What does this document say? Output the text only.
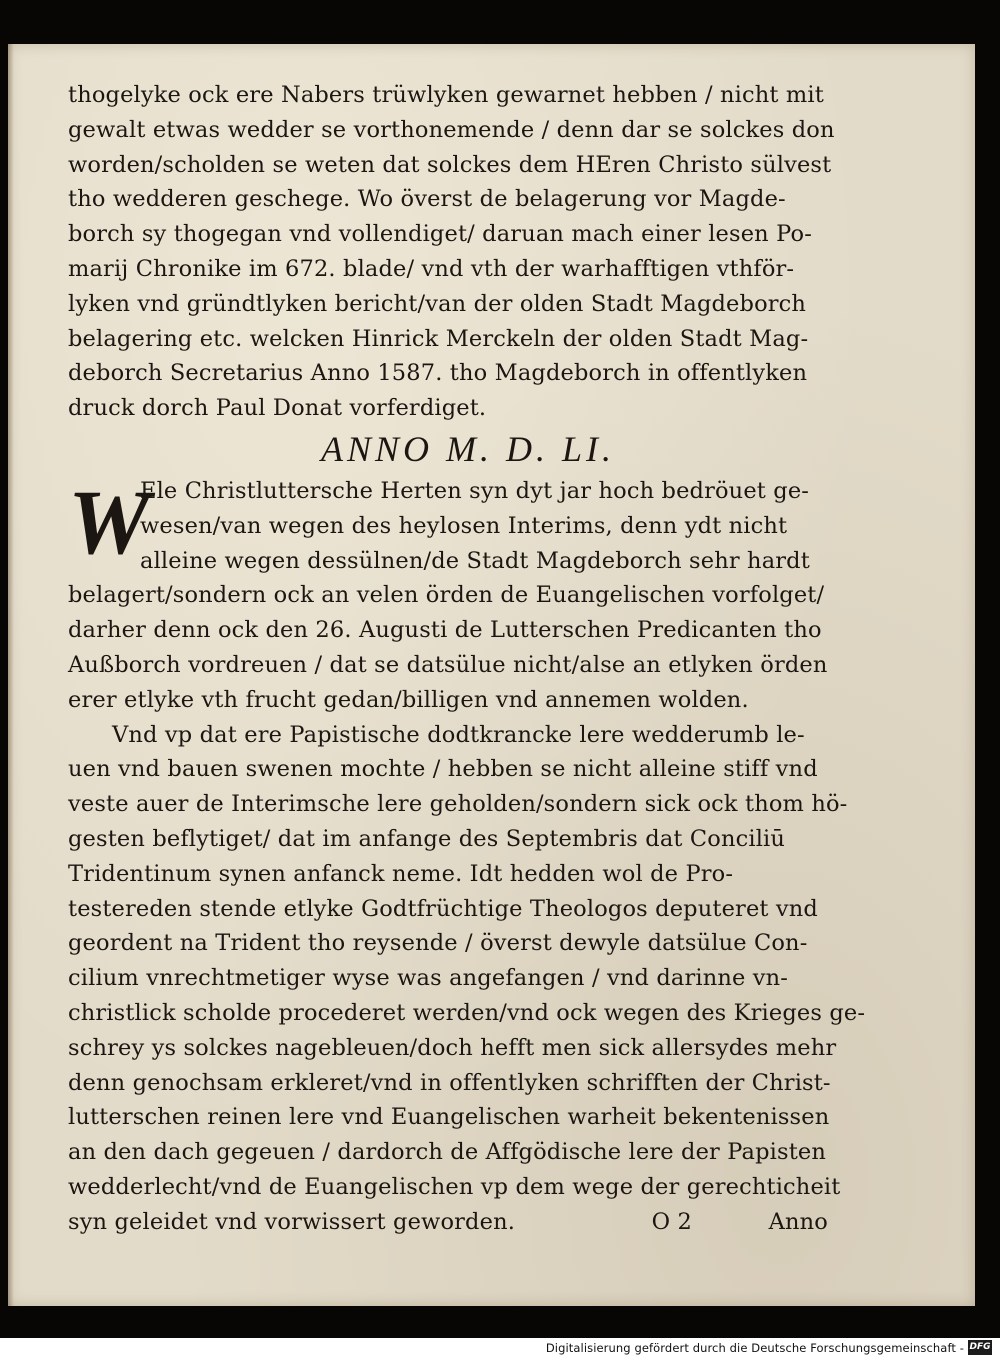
thogelyke ock ere Nabers trüwlyken gewarnet hebben / nicht mit
gewalt etwas wedder se vorthonemende / denn dar se solckes don
worden/scholden se weten dat solckes dem HEren Christo sülvest
tho wedderen geschege. Wo överst de belagerung vor Magde-
borch sy thogegan vnd vollendiget/ daruan mach einer lesen Po-
marij Chronike im 672. blade/ vnd vth der warhafftigen vthför-
lyken vnd gründtlyken bericht/van der olden Stadt Magdeborch
belagering etc. welcken Hinrick Merckeln der olden Stadt Mag-
deborch Secretarius Anno 1587. tho Magdeborch in offentlyken
druck dorch Paul Donat vorferdiget.
ANNO M. D. LI.
W
Ele Christluttersche Herten syn dyt jar hoch bedröuet ge-
wesen/van wegen des heylosen Interims, denn ydt nicht
alleine wegen dessülnen/de Stadt Magdeborch sehr hardt
belagert/sondern ock an velen örden de Euangelischen vorfolget/
darher denn ock den 26. Augusti de Lutterschen Predicanten tho
Außborch vordreuen / dat se datsülue nicht/alse an etlyken örden
erer etlyke vth frucht gedan/billigen vnd annemen wolden.
Vnd vp dat ere Papistische dodtkrancke lere wedderumb le-
uen vnd bauen swenen mochte / hebben se nicht alleine stiff vnd
veste auer de Interimsche lere geholden/sondern sick ock thom hö-
gesten beflytiget/ dat im anfange des Septembris dat Conciliū
Tridentinum synen anfanck neme. Idt hedden wol de Pro-
testereden stende etlyke Godtfrüchtige Theologos deputeret vnd
geordent na Trident tho reysende / överst dewyle datsülue Con-
cilium vnrechtmetiger wyse was angefangen / vnd darinne vn-
christlick scholde procederet werden/vnd ock wegen des Krieges ge-
schrey ys solckes nagebleuen/doch hefft men sick allersydes mehr
denn genochsam erkleret/vnd in offentlyken schrifften der Christ-
lutterschen reinen lere vnd Euangelischen warheit bekentenissen
an den dach gegeuen / dardorch de Affgödische lere der Papisten
wedderlecht/vnd de Euangelischen vp dem wege der gerechticheit
syn geleidet vnd vorwissert geworden.	O 2	Anno
Digitalisierung gefördert durch die Deutsche Forschungsgemeinschaft - DFG
